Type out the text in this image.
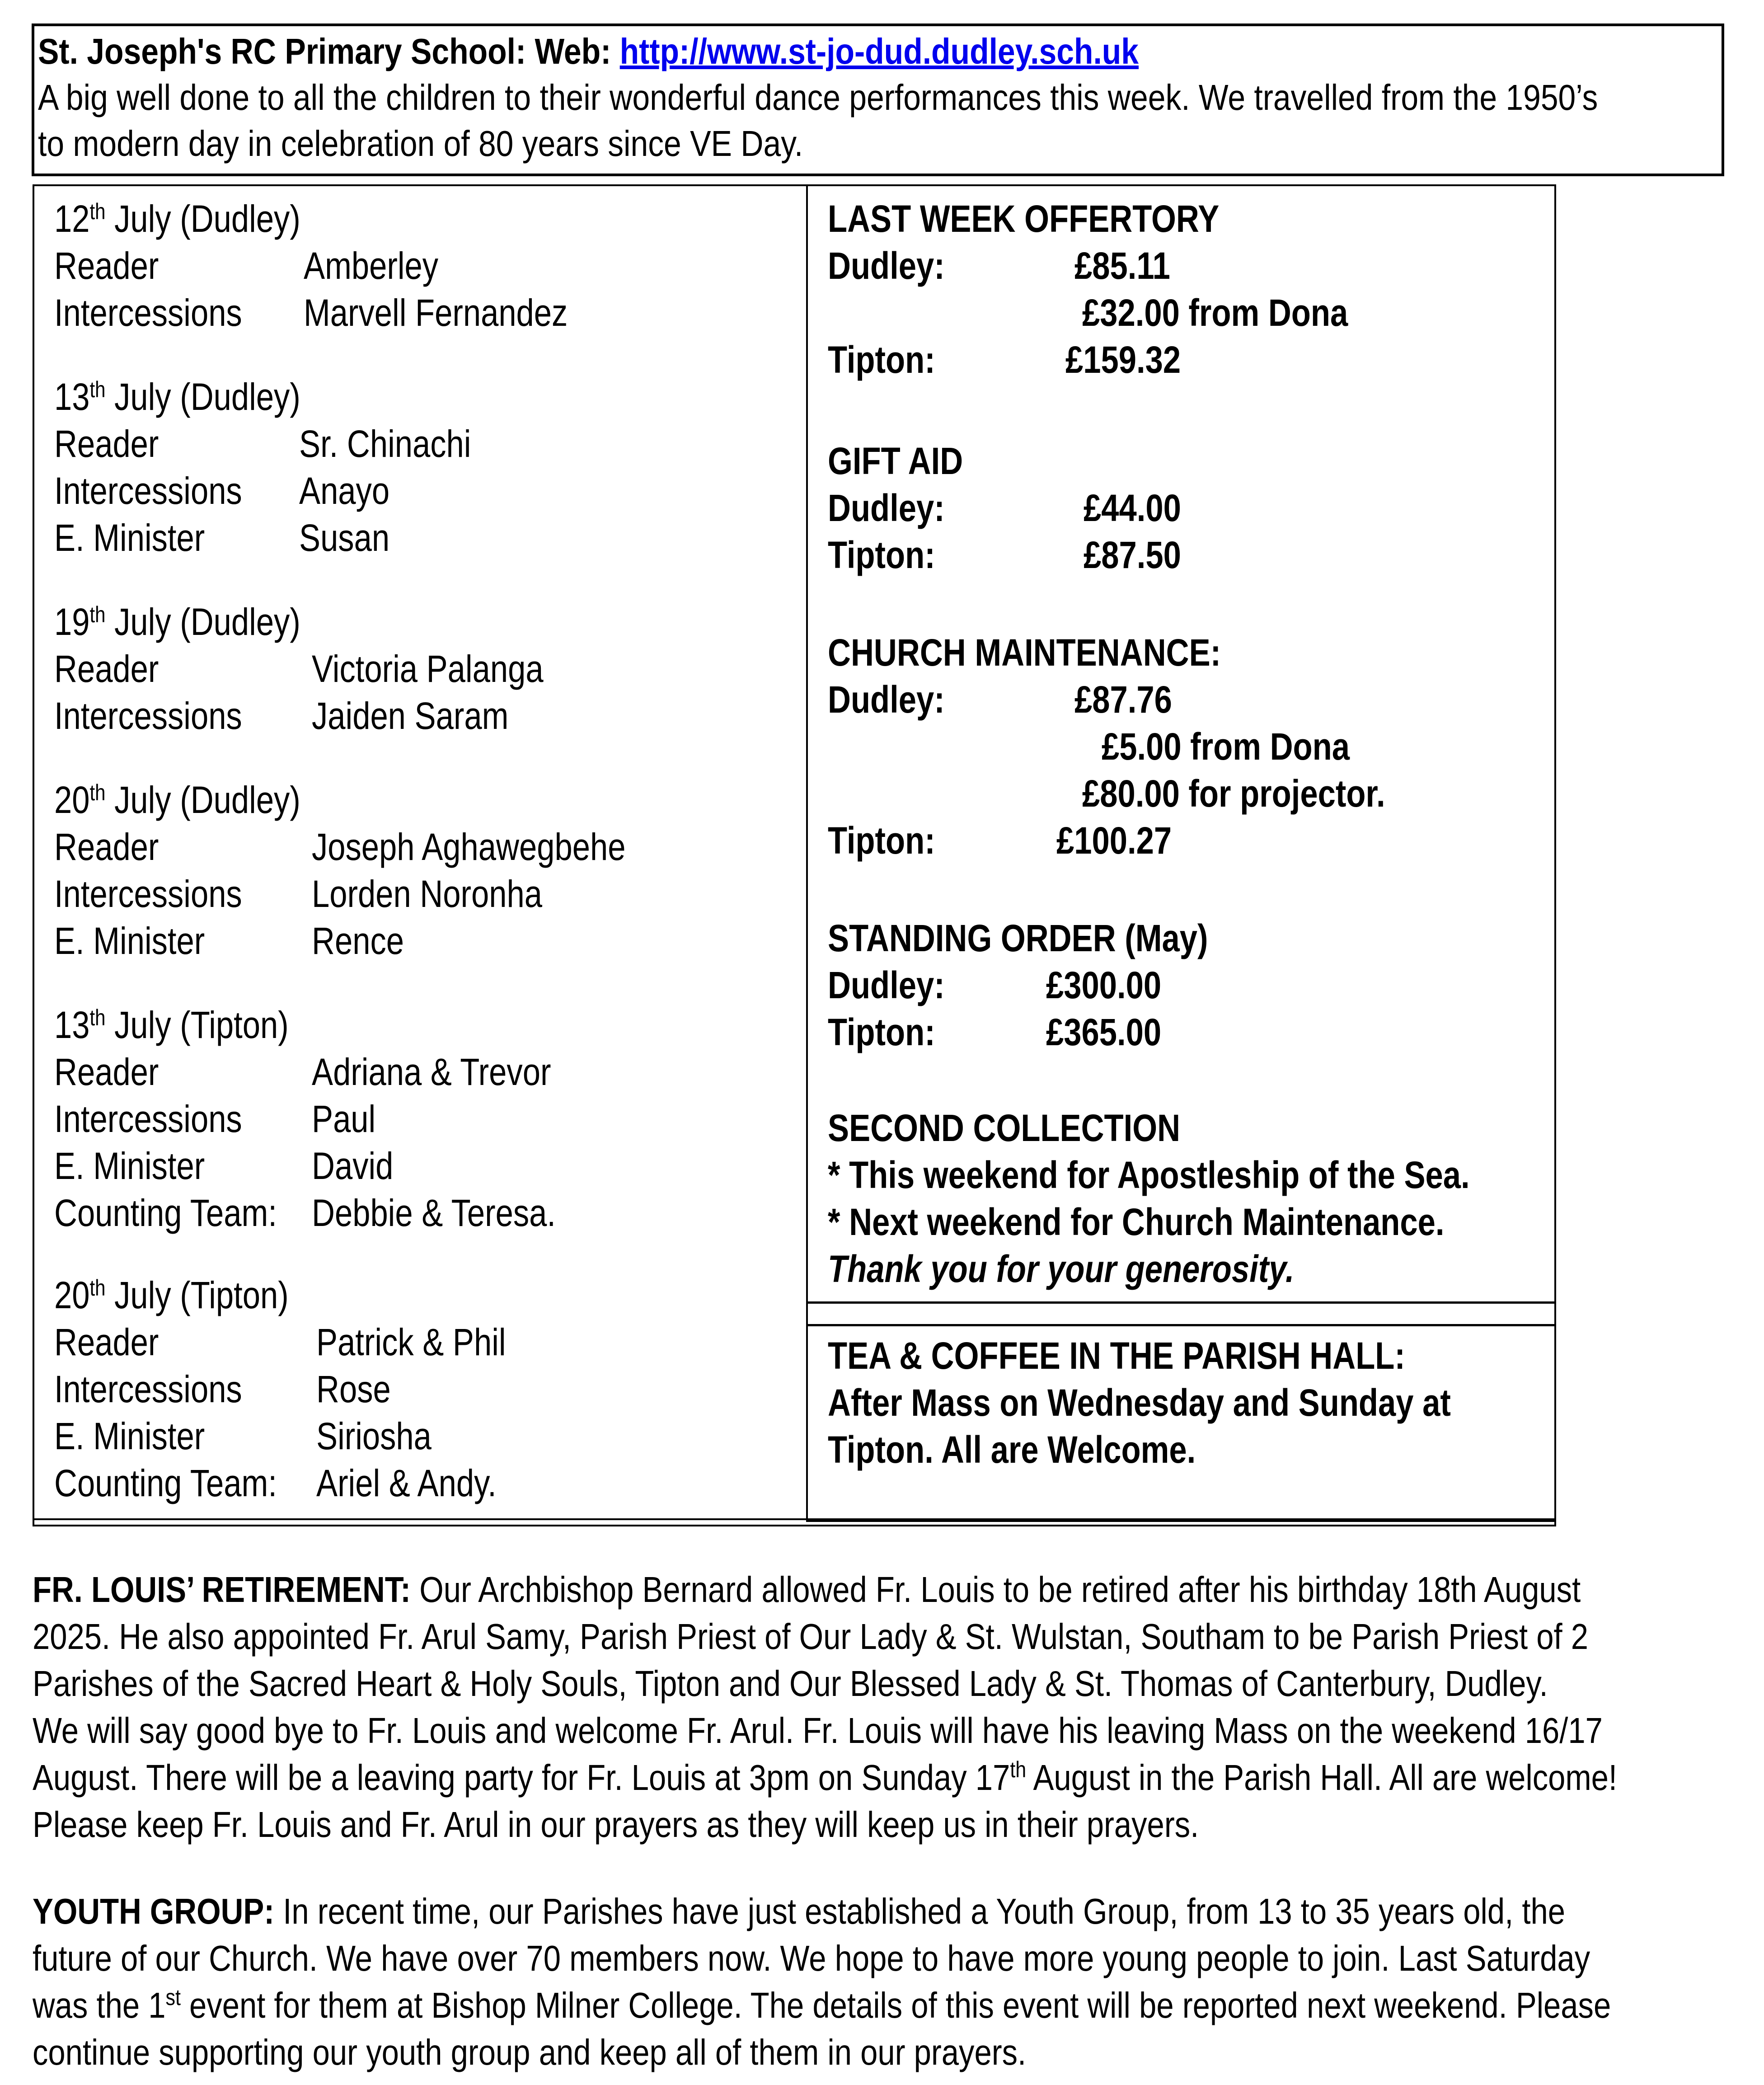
St. Joseph's RC Primary School: Web: http://www.st-jo-dud.dudley.sch.uk
A big well done to all the children to their wonderful dance performances this week. We travelled from the 1950’s
to modern day in celebration of 80 years since VE Day.
12th July (Dudley)
Reader	Amberley
Intercessions	Marvell Fernandez
13th July (Dudley)
Reader	Sr. Chinachi
Intercessions	Anayo
E. Minister	Susan
19th July (Dudley)
Reader	Victoria Palanga
Intercessions	Jaiden Saram
20th July (Dudley)
Reader	Joseph Aghawegbehe
Intercessions	Lorden Noronha
E. Minister	Rence
13th July (Tipton)
Reader	Adriana & Trevor
Intercessions	Paul
E. Minister	David
Counting Team: Debbie & Teresa.
20th July (Tipton)
Reader	Patrick & Phil
Intercessions	Rose
E. Minister	Siriosha
Counting Team:	Ariel & Andy.
LAST WEEK OFFERTORY
Dudley:	£85.11
£32.00 from Dona
Tipton:	£159.32
GIFT AID
Dudley:	£44.00
Tipton:	£87.50
CHURCH MAINTENANCE:
Dudley:	£87.76
£5.00 from Dona
£80.00 for projector.
Tipton:	£100.27
STANDING ORDER (May)
Dudley:	£300.00
Tipton:	£365.00
SECOND COLLECTION
* This weekend for Apostleship of the Sea.
* Next weekend for Church Maintenance.
Thank you for your generosity.
TEA & COFFEE IN THE PARISH HALL:
After Mass on Wednesday and Sunday at
Tipton. All are Welcome.
FR. LOUIS’ RETIREMENT: Our Archbishop Bernard allowed Fr. Louis to be retired after his birthday 18th August
2025. He also appointed Fr. Arul Samy, Parish Priest of Our Lady & St. Wulstan, Southam to be Parish Priest of 2
Parishes of the Sacred Heart & Holy Souls, Tipton and Our Blessed Lady & St. Thomas of Canterbury, Dudley.
We will say good bye to Fr. Louis and welcome Fr. Arul. Fr. Louis will have his leaving Mass on the weekend 16/17
August. There will be a leaving party for Fr. Louis at 3pm on Sunday 17th August in the Parish Hall. All are welcome!
Please keep Fr. Louis and Fr. Arul in our prayers as they will keep us in their prayers.
YOUTH GROUP: In recent time, our Parishes have just established a Youth Group, from 13 to 35 years old, the
future of our Church. We have over 70 members now. We hope to have more young people to join. Last Saturday
was the 1st event for them at Bishop Milner College. The details of this event will be reported next weekend. Please
continue supporting our youth group and keep all of them in our prayers.
